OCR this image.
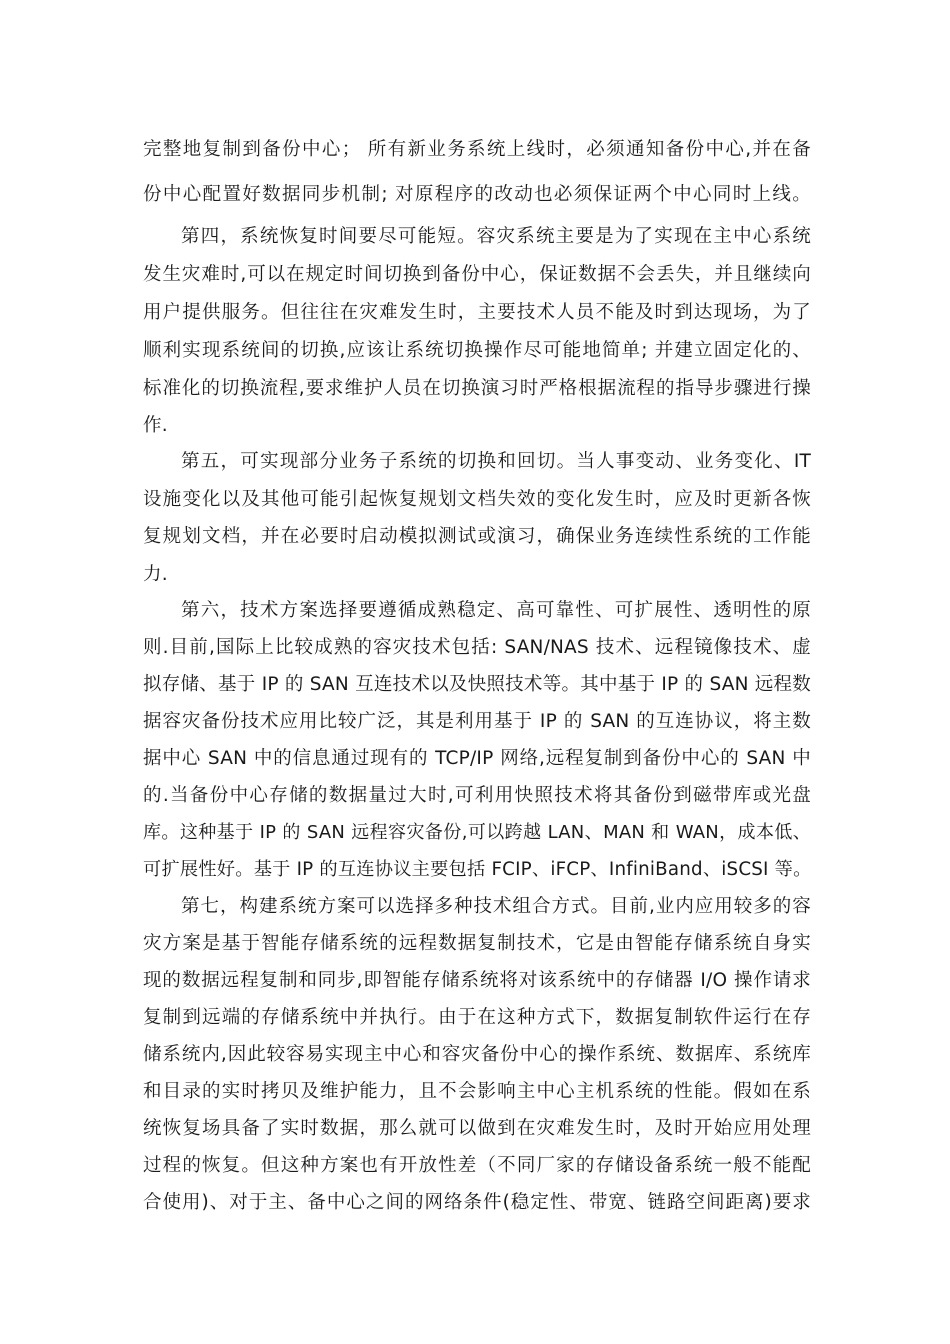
完整地复制到备份中心； 所有新业务系统上线时，必须通知备份中心,并在备
份中心配置好数据同步机制; 对原程序的改动也必须保证两个中心同时上线。
第四，系统恢复时间要尽可能短。容灾系统主要是为了实现在主中心系统
发生灾难时,可以在规定时间切换到备份中心，保证数据不会丢失，并且继续向
用户提供服务。但往往在灾难发生时，主要技术人员不能及时到达现场，为了
顺利实现系统间的切换,应该让系统切换操作尽可能地简单; 并建立固定化的、
标准化的切换流程,要求维护人员在切换演习时严格根据流程的指导步骤进行操
作.
第五，可实现部分业务子系统的切换和回切。当人事变动、业务变化、IT
设施变化以及其他可能引起恢复规划文档失效的变化发生时，应及时更新各恢
复规划文档，并在必要时启动模拟测试或演习，确保业务连续性系统的工作能
力.
第六，技术方案选择要遵循成熟稳定、高可靠性、可扩展性、透明性的原
则.目前,国际上比较成熟的容灾技术包括: SAN/NAS 技术、远程镜像技术、虚
拟存储、基于 IP 的 SAN 互连技术以及快照技术等。其中基于 IP 的 SAN 远程数
据容灾备份技术应用比较广泛，其是利用基于 IP 的 SAN 的互连协议，将主数
据中心 SAN 中的信息通过现有的 TCP/IP 网络,远程复制到备份中心的 SAN 中
的.当备份中心存储的数据量过大时,可利用快照技术将其备份到磁带库或光盘
库。这种基于 IP 的 SAN 远程容灾备份,可以跨越 LAN、MAN 和 WAN，成本低、
可扩展性好。基于 IP 的互连协议主要包括 FCIP、iFCP、InfiniBand、iSCSI 等。
第七，构建系统方案可以选择多种技术组合方式。目前,业内应用较多的容
灾方案是基于智能存储系统的远程数据复制技术，它是由智能存储系统自身实
现的数据远程复制和同步,即智能存储系统将对该系统中的存储器 I/O 操作请求
复制到远端的存储系统中并执行。由于在这种方式下，数据复制软件运行在存
储系统内,因此较容易实现主中心和容灾备份中心的操作系统、数据库、系统库
和目录的实时拷贝及维护能力，且不会影响主中心主机系统的性能。假如在系
统恢复场具备了实时数据，那么就可以做到在灾难发生时，及时开始应用处理
过程的恢复。但这种方案也有开放性差（不同厂家的存储设备系统一般不能配
合使用)、对于主、备中心之间的网络条件(稳定性、带宽、链路空间距离)要求
